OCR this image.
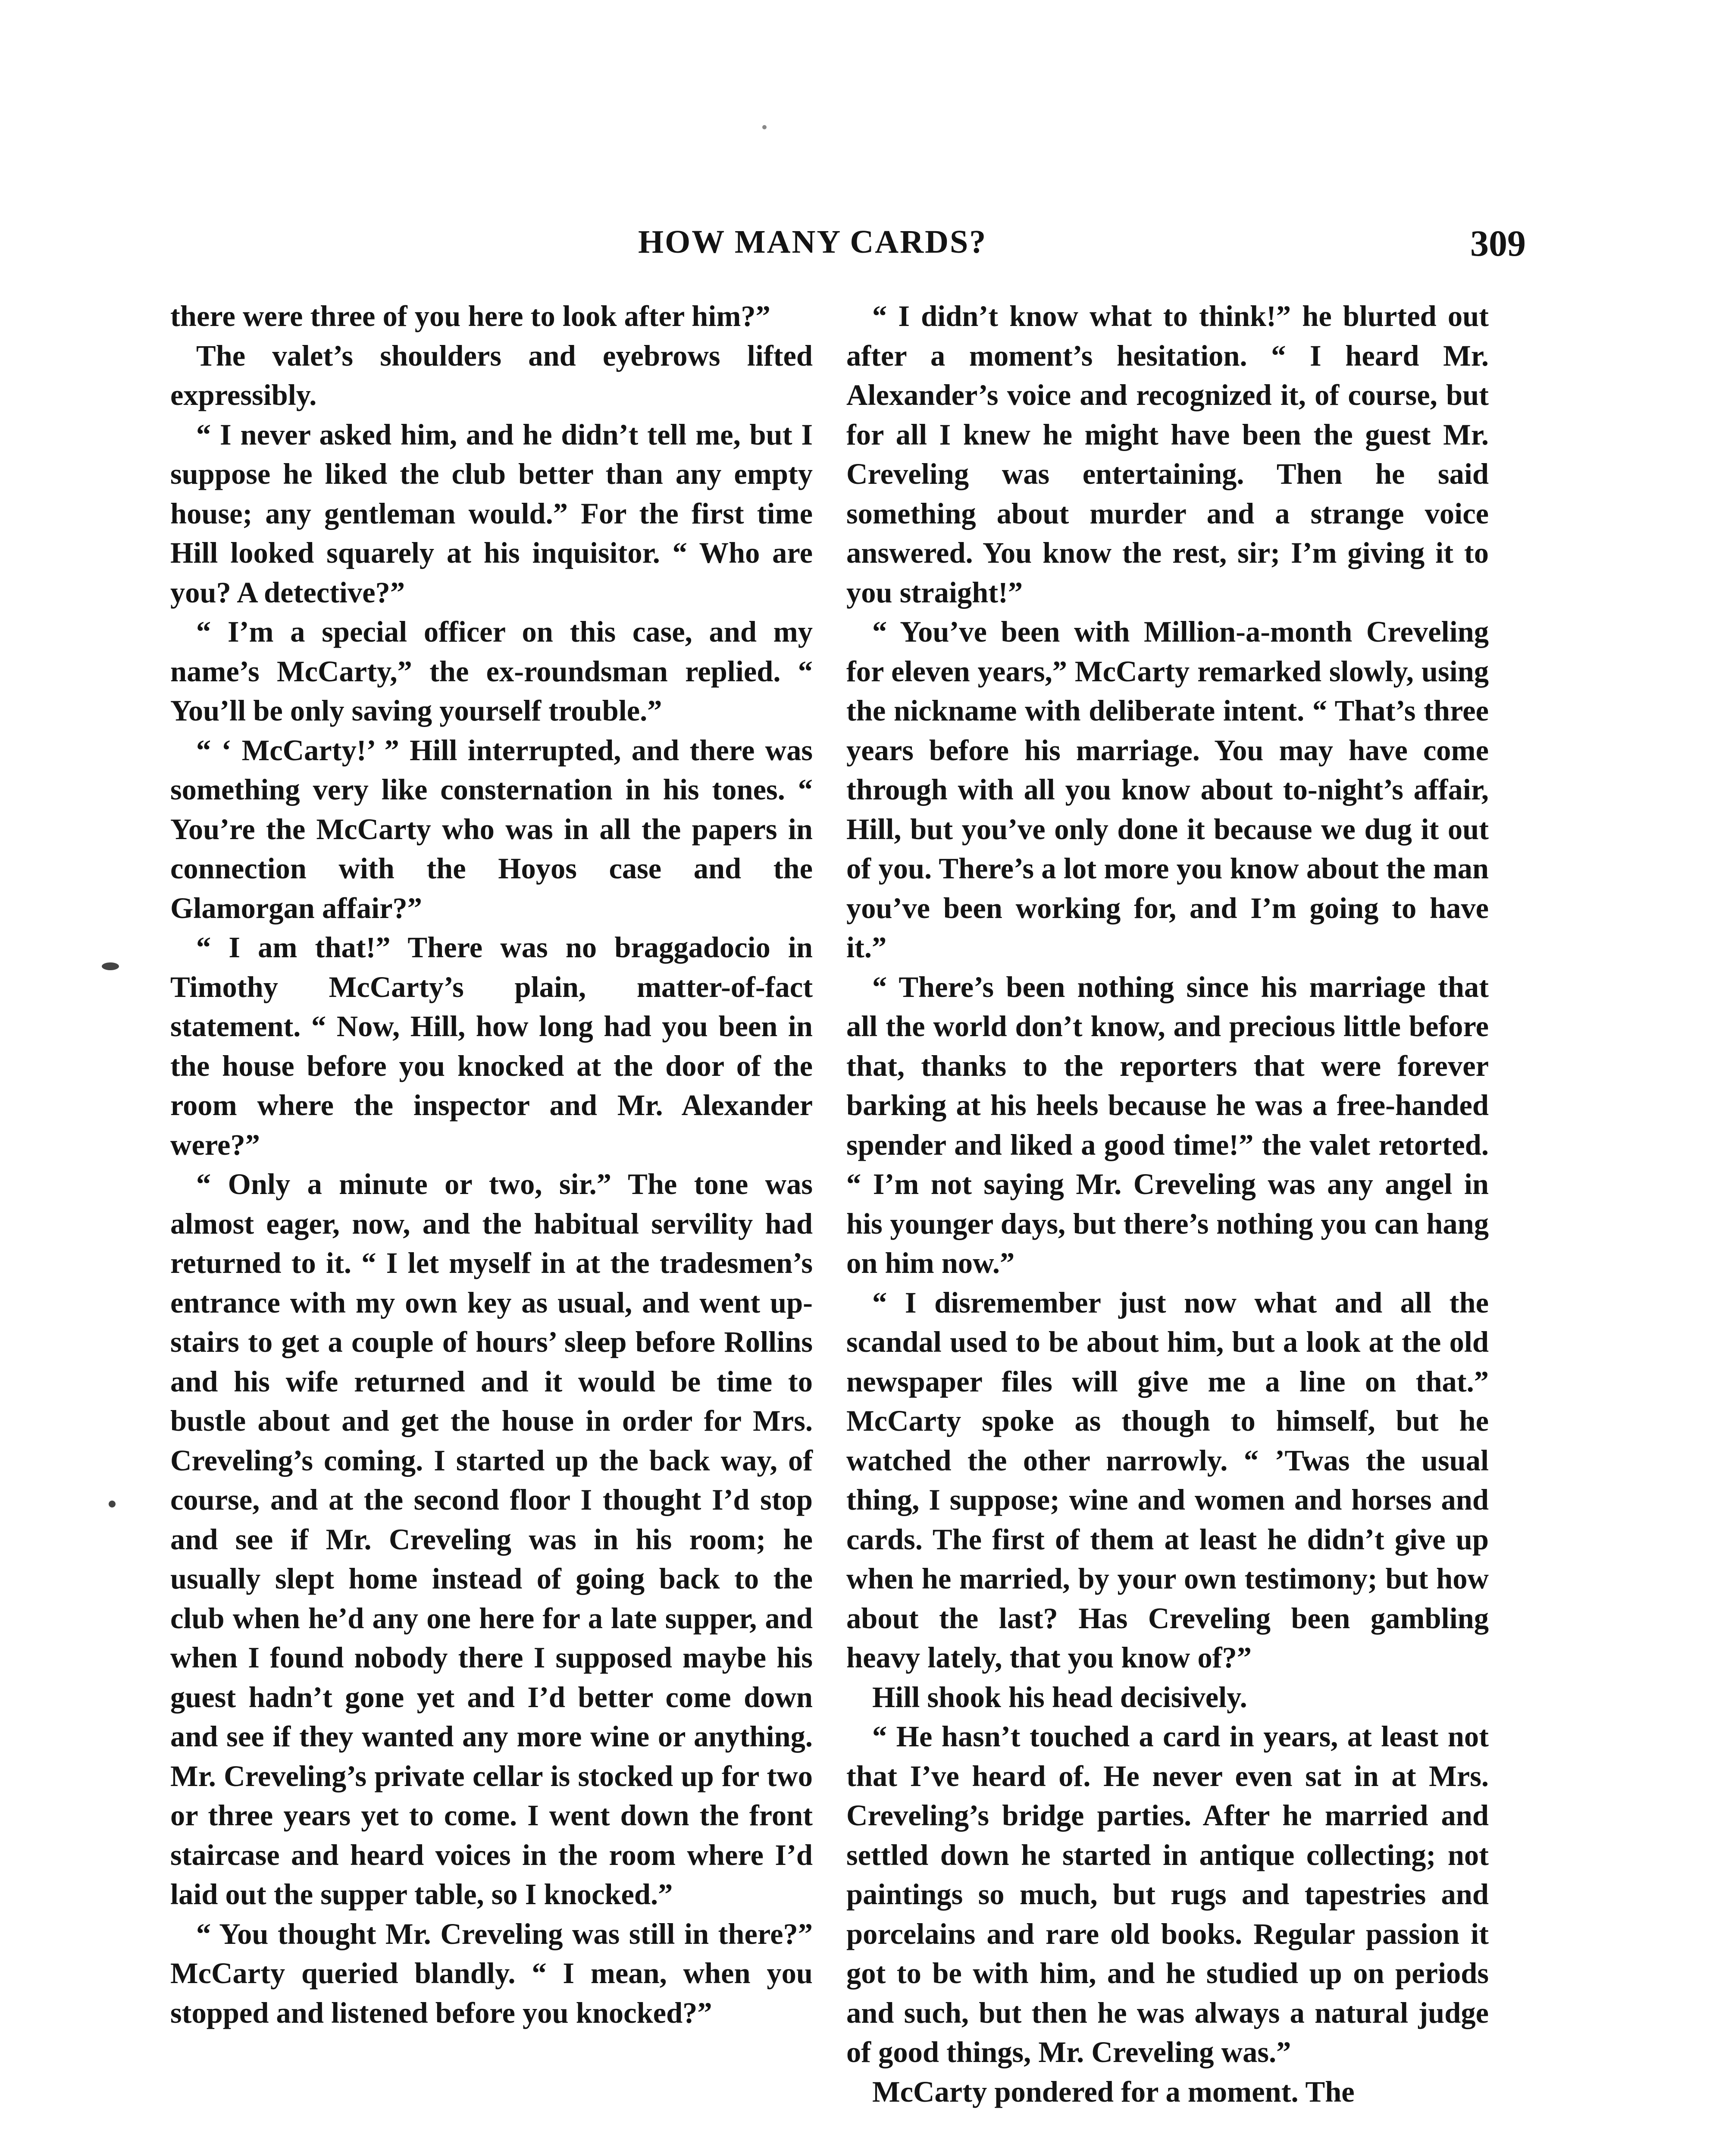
HOW MANY CARDS?	309

there were three of you here to look after him?”

The valet’s shoulders and eyebrows lifted expressibly.

“ I never asked him, and he didn’t tell me, but I suppose he liked the club better than any empty house; any gentleman would.” For the first time Hill looked squarely at his inquisitor. “ Who are you? A detective?”

“ I’m a special officer on this case, and my name’s McCarty,” the ex-roundsman replied. “ You’ll be only saving yourself trouble.”

“ ‘ McCarty!’ ” Hill interrupted, and there was something very like consternation in his tones. “ You’re the McCarty who was in all the papers in connection with the Hoyos case and the Glamorgan affair?”

“ I am that!” There was no braggadocio in Timothy McCarty’s plain, matter-of-fact statement. “ Now, Hill, how long had you been in the house before you knocked at the door of the room where the inspector and Mr. Alexander were?”

“ Only a minute or two, sir.” The tone was almost eager, now, and the habitual servility had returned to it. “ I let myself in at the tradesmen’s entrance with my own key as usual, and went up-stairs to get a couple of hours’ sleep before Rollins and his wife returned and it would be time to bustle about and get the house in order for Mrs. Creveling’s coming. I started up the back way, of course, and at the second floor I thought I’d stop and see if Mr. Creveling was in his room; he usually slept home instead of going back to the club when he’d any one here for a late supper, and when I found nobody there I supposed maybe his guest hadn’t gone yet and I’d better come down and see if they wanted any more wine or anything. Mr. Creveling’s private cellar is stocked up for two or three years yet to come. I went down the front staircase and heard voices in the room where I’d laid out the supper table, so I knocked.”

“ You thought Mr. Creveling was still in there?” McCarty queried blandly. “ I mean, when you stopped and listened before you knocked?”

“ I didn’t know what to think!” he blurted out after a moment’s hesitation. “ I heard Mr. Alexander’s voice and recognized it, of course, but for all I knew he might have been the guest Mr. Creveling was entertaining. Then he said something about murder and a strange voice answered. You know the rest, sir; I’m giving it to you straight!”

“ You’ve been with Million-a-month Creveling for eleven years,” McCarty remarked slowly, using the nickname with deliberate intent. “ That’s three years before his marriage. You may have come through with all you know about to-night’s affair, Hill, but you’ve only done it because we dug it out of you. There’s a lot more you know about the man you’ve been working for, and I’m going to have it.”

“ There’s been nothing since his marriage that all the world don’t know, and precious little before that, thanks to the reporters that were forever barking at his heels because he was a free-handed spender and liked a good time!” the valet retorted. “ I’m not saying Mr. Creveling was any angel in his younger days, but there’s nothing you can hang on him now.”

“ I disremember just now what and all the scandal used to be about him, but a look at the old newspaper files will give me a line on that.” McCarty spoke as though to himself, but he watched the other narrowly. “ ’Twas the usual thing, I suppose; wine and women and horses and cards. The first of them at least he didn’t give up when he married, by your own testimony; but how about the last? Has Creveling been gambling heavy lately, that you know of?”

Hill shook his head decisively.

“ He hasn’t touched a card in years, at least not that I’ve heard of. He never even sat in at Mrs. Creveling’s bridge parties. After he married and settled down he started in antique collecting; not paintings so much, but rugs and tapestries and porcelains and rare old books. Regular passion it got to be with him, and he studied up on periods and such, but then he was always a natural judge of good things, Mr. Creveling was.”

McCarty pondered for a moment. The
